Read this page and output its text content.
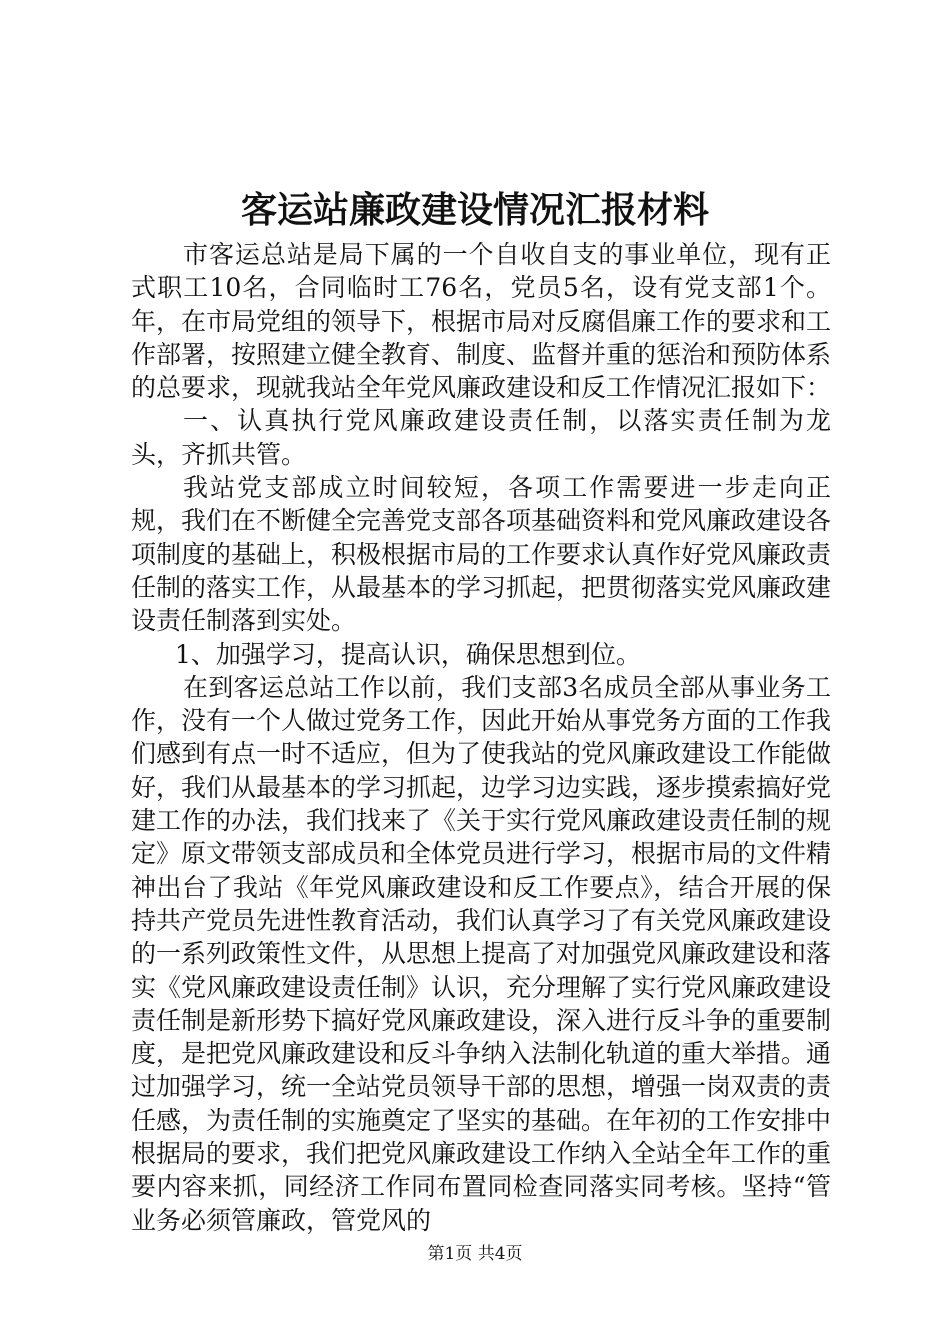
客运站廉政建设情况汇报材料

市客运总站是局下属的一个自收自支的事业单位，现有正式职工10名，合同临时工76名，党员5名，设有党支部1个。年，在市局党组的领导下，根据市局对反腐倡廉工作的要求和工作部署，按照建立健全教育、制度、监督并重的惩治和预防体系的总要求，现就我站全年党风廉政建设和反工作情况汇报如下：

一、认真执行党风廉政建设责任制，以落实责任制为龙头，齐抓共管。

我站党支部成立时间较短，各项工作需要进一步走向正规，我们在不断健全完善党支部各项基础资料和党风廉政建设各项制度的基础上，积极根据市局的工作要求认真作好党风廉政责任制的落实工作，从最基本的学习抓起，把贯彻落实党风廉政建设责任制落到实处。

1、加强学习，提高认识，确保思想到位。

在到客运总站工作以前，我们支部3名成员全部从事业务工作，没有一个人做过党务工作，因此开始从事党务方面的工作我们感到有点一时不适应，但为了使我站的党风廉政建设工作能做好，我们从最基本的学习抓起，边学习边实践，逐步摸索搞好党建工作的办法，我们找来了《关于实行党风廉政建设责任制的规定》原文带领支部成员和全体党员进行学习，根据市局的文件精神出台了我站《年党风廉政建设和反工作要点》，结合开展的保持共产党员先进性教育活动，我们认真学习了有关党风廉政建设的一系列政策性文件，从思想上提高了对加强党风廉政建设和落实《党风廉政建设责任制》认识，充分理解了实行党风廉政建设责任制是新形势下搞好党风廉政建设，深入进行反斗争的重要制度，是把党风廉政建设和反斗争纳入法制化轨道的重大举措。通过加强学习，统一全站党员领导干部的思想，增强一岗双责的责任感，为责任制的实施奠定了坚实的基础。在年初的工作安排中根据局的要求，我们把党风廉政建设工作纳入全站全年工作的重要内容来抓，同经济工作同布置同检查同落实同考核。坚持“管业务必须管廉政，管党风的

第1页 共4页
